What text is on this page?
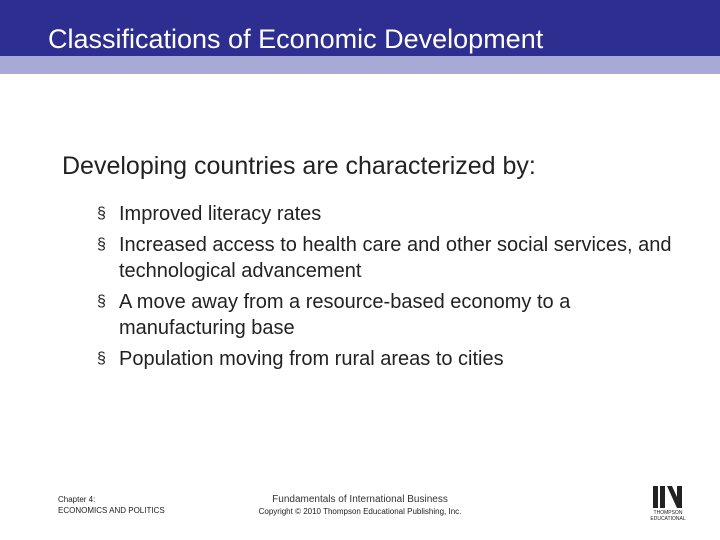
Classifications of Economic Development
Developing countries are characterized by:
§ Improved literacy rates
§ Increased access to health care and other social services, and technological advancement
§ A move away from a resource-based economy to a manufacturing base
§ Population moving from rural areas to cities
Chapter 4:
ECONOMICS AND POLITICS
Fundamentals of International Business
Copyright © 2010 Thompson Educational Publishing, Inc.	THOMPSON
EDUCATIONAL
